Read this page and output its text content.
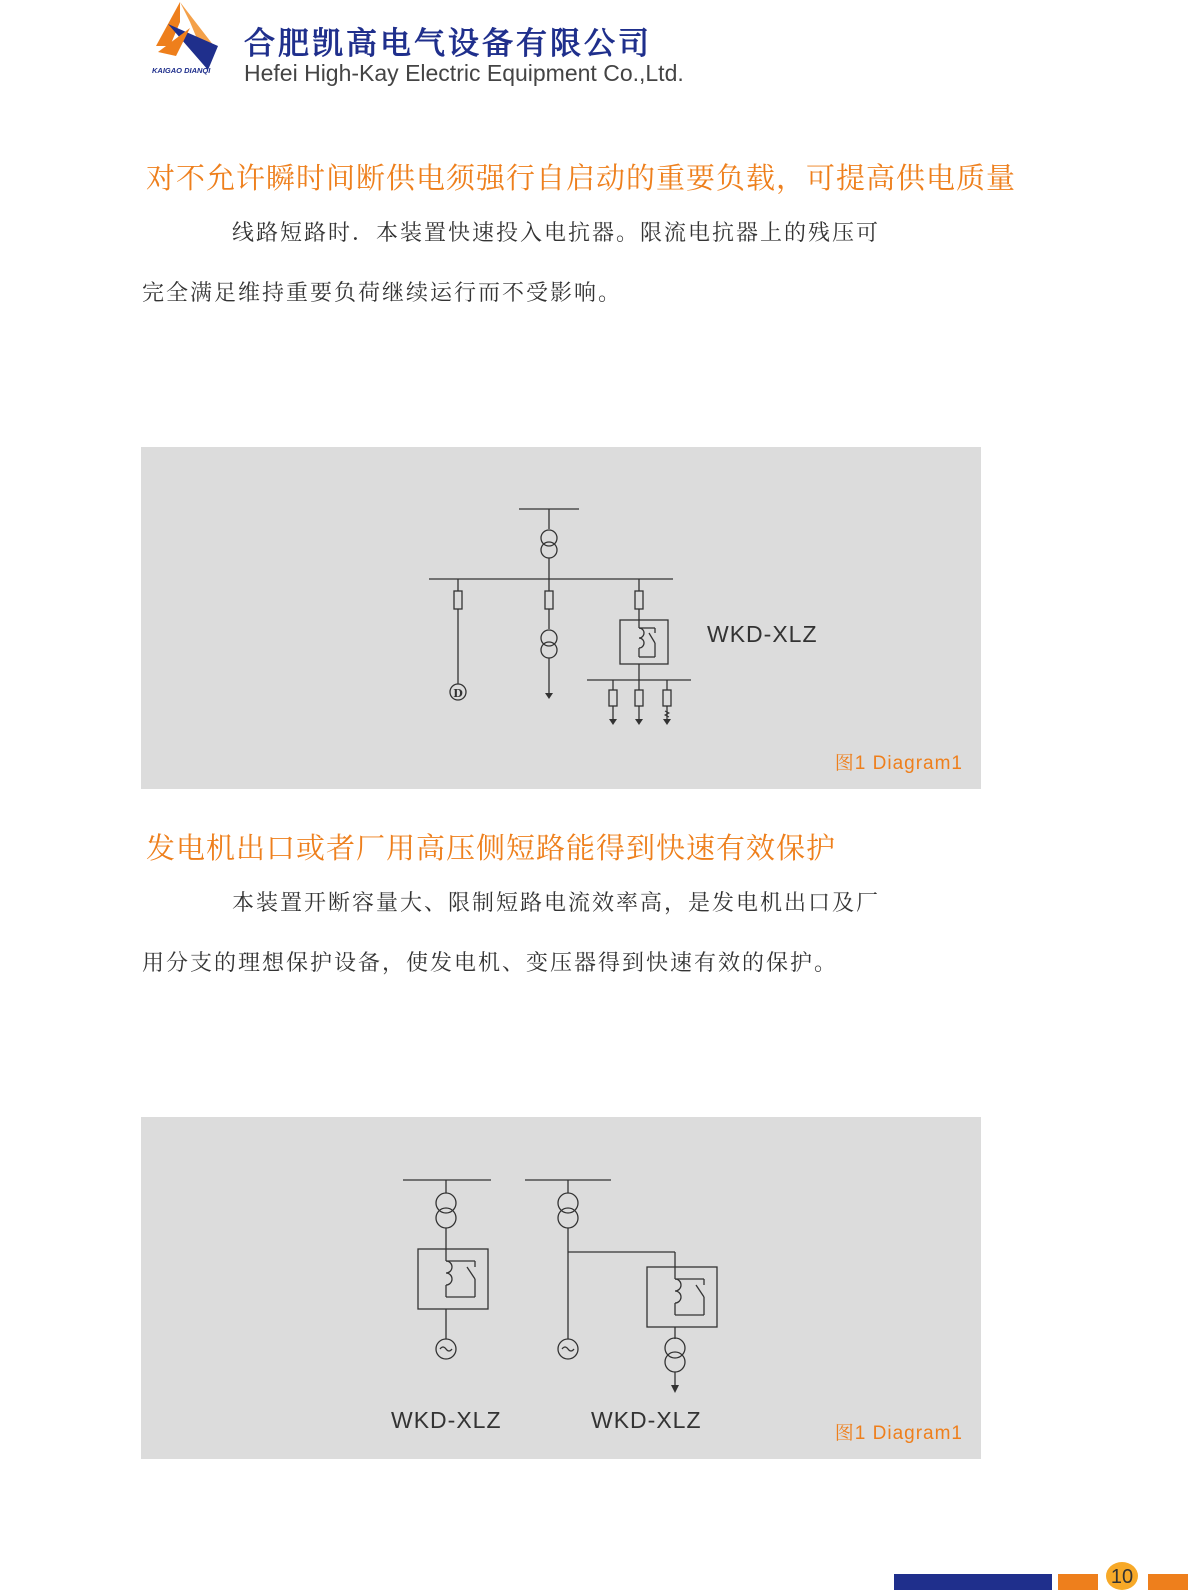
KAIGAO DIANQI
合肥凯高电气设备有限公司
Hefei High-Kay Electric Equipment Co.,Ltd.
对不允许瞬时间断供电须强行自启动的重要负载，可提高供电质量
线路短路时．本装置快速投入电抗器。限流电抗器上的残压可
完全满足维持重要负荷继续运行而不受影响。
D
WKD-XLZ
图1 Diagram1
发电机出口或者厂用高压侧短路能得到快速有效保护
本装置开断容量大、限制短路电流效率高，是发电机出口及厂
用分支的理想保护设备，使发电机、变压器得到快速有效的保护。
WKD-XLZ	WKD-XLZ
图1 Diagram1
10
